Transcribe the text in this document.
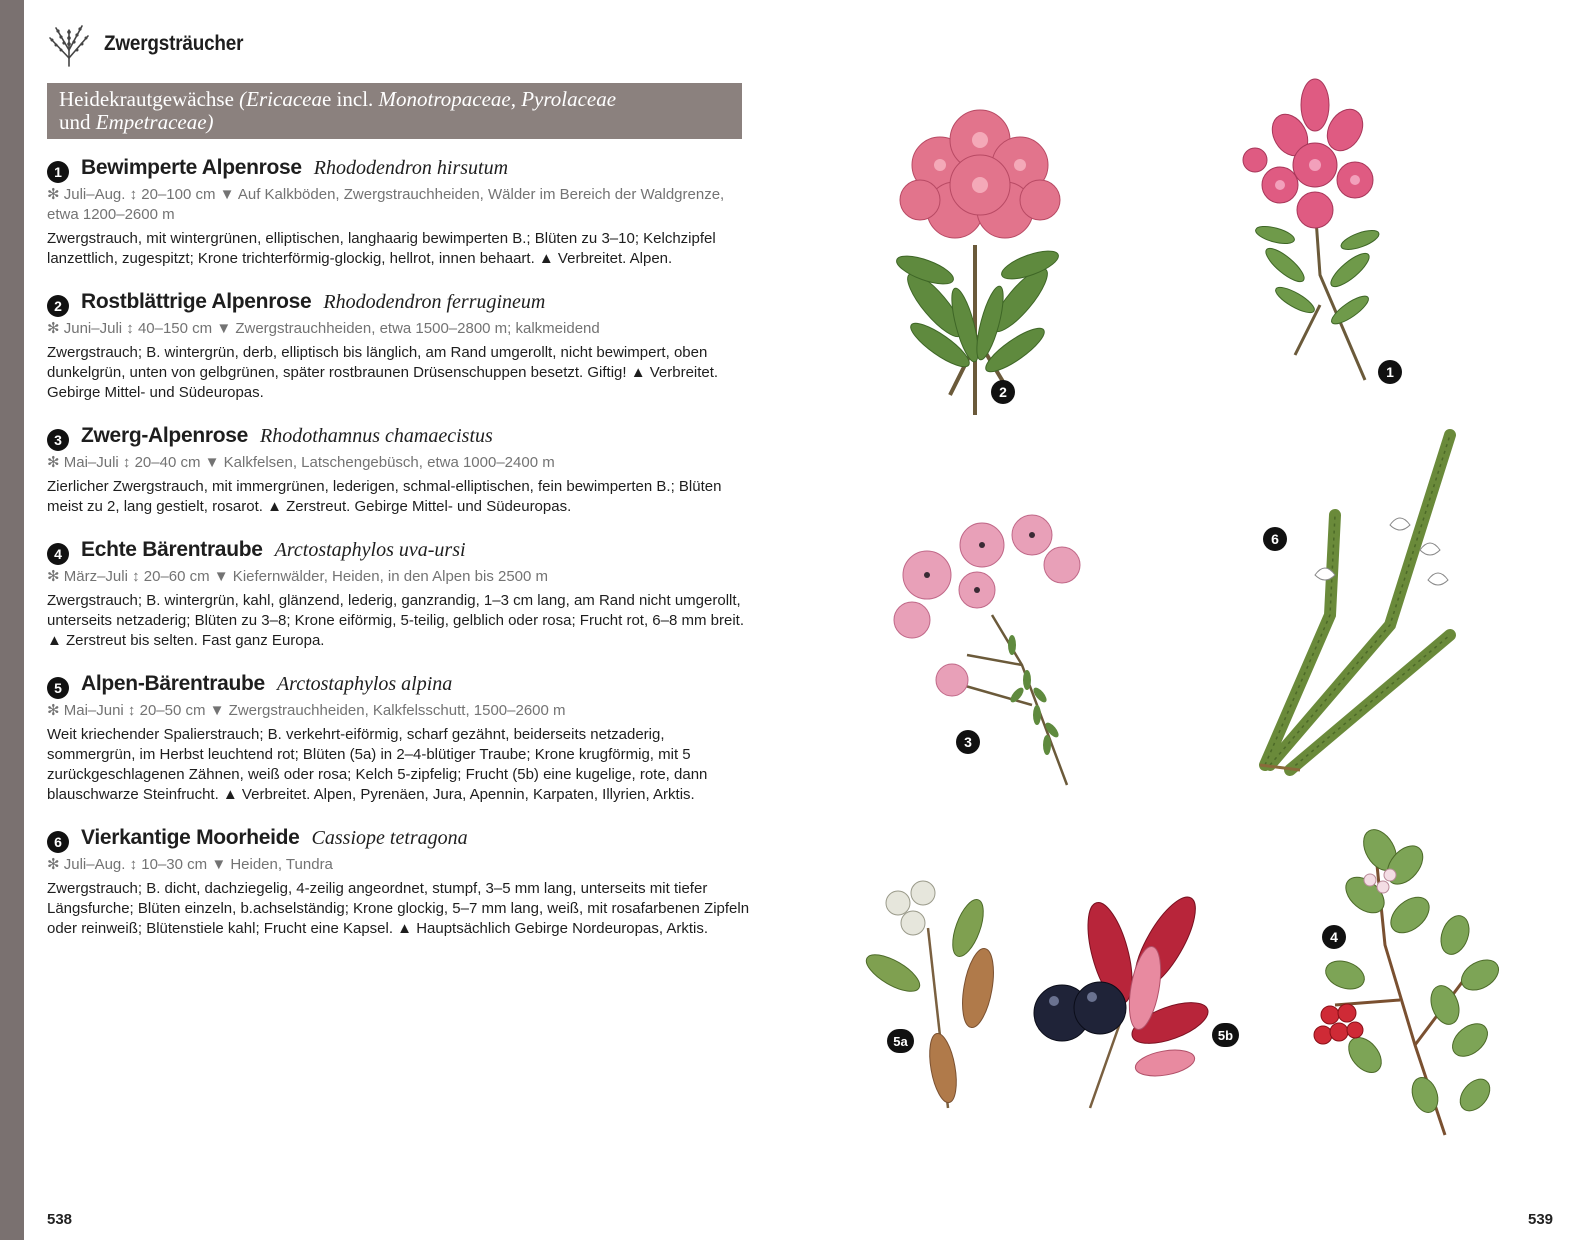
Zwergsträucher
Heidekrautgewächse (Ericaceae incl. Monotropaceae, Pyrolaceae
und Empetraceae)
1 Bewimperte Alpenrose Rhododendron hirsutum
✻ Juli–Aug. ↕ 20–100 cm ▼ Auf Kalkböden, Zwergstrauchheiden, Wälder im Bereich der Waldgrenze, etwa 1200–2600 m
Zwergstrauch, mit wintergrünen, elliptischen, langhaarig bewimperten B.; Blüten zu 3–10; Kelchzipfel lanzettlich, zugespitzt; Krone trichterförmig-glockig, hellrot, innen behaart. ▲ Verbreitet. Alpen.
2 Rostblättrige Alpenrose Rhododendron ferrugineum
✻ Juni–Juli ↕ 40–150 cm ▼ Zwergstrauchheiden, etwa 1500–2800 m; kalkmeidend
Zwergstrauch; B. wintergrün, derb, elliptisch bis länglich, am Rand umgerollt, nicht bewimpert, oben dunkelgrün, unten von gelbgrünen, später rostbraunen Drüsenschuppen besetzt. Giftig! ▲ Verbreitet. Gebirge Mittel- und Südeuropas.
3 Zwerg-Alpenrose Rhodothamnus chamaecistus
✻ Mai–Juli ↕ 20–40 cm ▼ Kalkfelsen, Latschengebüsch, etwa 1000–2400 m
Zierlicher Zwergstrauch, mit immergrünen, lederigen, schmal-elliptischen, fein bewimperten B.; Blüten meist zu 2, lang gestielt, rosarot. ▲ Zerstreut. Gebirge Mittel- und Südeuropas.
4 Echte Bärentraube Arctostaphylos uva-ursi
✻ März–Juli ↕ 20–60 cm ▼ Kiefernwälder, Heiden, in den Alpen bis 2500 m
Zwergstrauch; B. wintergrün, kahl, glänzend, lederig, ganzrandig, 1–3 cm lang, am Rand nicht umgerollt, unterseits netzaderig; Blüten zu 3–8; Krone eiförmig, 5-teilig, gelblich oder rosa; Frucht rot, 6–8 mm breit. ▲ Zerstreut bis selten. Fast ganz Europa.
5 Alpen-Bärentraube Arctostaphylos alpina
✻ Mai–Juni ↕ 20–50 cm ▼ Zwergstrauchheiden, Kalkfelsschutt, 1500–2600 m
Weit kriechender Spalierstrauch; B. verkehrt-eiförmig, scharf gezähnt, beiderseits netzaderig, sommergrün, im Herbst leuchtend rot; Blüten (5a) in 2–4-blütiger Traube; Krone krugförmig, mit 5 zurückgeschlagenen Zähnen, weiß oder rosa; Kelch 5-zipfelig; Frucht (5b) eine kugelige, rote, dann blauschwarze Steinfrucht. ▲ Verbreitet. Alpen, Pyrenäen, Jura, Apennin, Karpaten, Illyrien, Arktis.
6 Vierkantige Moorheide Cassiope tetragona
✻ Juli–Aug. ↕ 10–30 cm ▼ Heiden, Tundra
Zwergstrauch; B. dicht, dachziegelig, 4-zeilig angeordnet, stumpf, 3–5 mm lang, unterseits mit tiefer Längsfurche; Blüten einzeln, b.achselständig; Krone glockig, 5–7 mm lang, weiß, mit rosafarbenen Zipfeln oder reinweiß; Blütenstiele kahl; Frucht eine Kapsel. ▲ Hauptsächlich Gebirge Nordeuropas, Arktis.
538	539
2
1
3
6
5a	5b
4
